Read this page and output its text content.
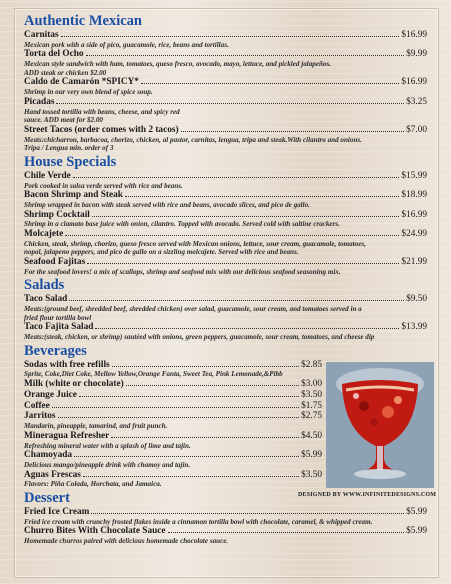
Authentic Mexican
Carnitas	$16.99
Mexican pork with a side of pico, guacamole, rice, beans and tortillas.
Torta del Ocho	$9.99
Mexican style sandwich with ham, tomatoes, queso fresco, avocado, mayo, lettuce, and pickled jalapeños.
ADD steak or chicken $2.00
Caldo de Camarón *SPICY*	$16.99
Shrimp in our very own blend of spice soup.
Picadas	$3.25
Hand tossed tortilla with beans, cheese, and spicy red
sauce. ADD meat for $2.00
Street Tacos (order comes with 2 tacos)	$7.00
Meats:chicharron, barbacoa, chorizo, chicken, al pastor, carnitas, lengua, tripa and steak.With cilantro and onions.
Tripa / Lengua min. order of 3
House Specials
Chile Verde	$15.99
Pork cooked in salsa verde served with rice and beans.
Bacon Shrimp and Steak	$18.99
Shrimp wrapped in bacon with steak served with rice and beans, avocado slices, and pico de gallo.
Shrimp Cocktail	$16.99
Shrimp in a clamato base juice with onion, cilantro. Topped with avocado. Served cold with saltine crackers.
Molcajete	$24.99
Chicken, steak, shrimp, chorizo, queso fresco served with Mexican onions, lettuce, sour cream, guacamole, tomatoes,
nopal, jalapeno peppers, and pico de gallo on a sizzling molcajete. Served with rice and beans.
Seafood Fajitas	$21.99
For the seafood lovers! a mix of scallops, shrimp and seafood mix with our delicious seafood seasoning mix.
Salads
Taco Salad	$9.50
Meats:(ground beef, shredded beef, shredded chicken) over salad, guacamole, sour cream, and tomatoes served in a
fried flour tortilla bowl
Taco Fajita Salad	$13.99
Meats:(steak, chicken, or shrimp) sautéed with onions, green peppers, guacamole, sour cream, tomatoes, and cheese dip
Beverages
Sodas with free refills	$2.85
Sprite, Coke,Diet Coke, Mellow Yellow,Orange Fanta, Sweet Tea, Pink Lemonade,&Pibb
Milk (white or chocolate)	$3.00
Orange Juice	$3.50
Coffee	$1.75
Jarritos	$2.75
Mandarin, pineapple, tamarind, and fruit punch.
Mineragua Refresher	$4.50
Refreshing mineral water with a splash of lime and tajin.
Chamoyada	$5.99
Delicious mango/pineapple drink with chamoy and tajin.
Aguas Frescas	$3.50
Flavors: Piña Colada, Horchata, and Jamaica.
DESIGNED BY WWW.INFINITEDESIGNS.COM
Dessert
Fried Ice Cream	$5.99
Fried ice cream with crunchy frosted flakes inside a cinnamon tortilla bowl with chocolate, caramel, & whipped cream.
Churro Bites With Chocolate Sauce	$5.99
Homemade churros paired with delicious homemade chocolate sauce.
